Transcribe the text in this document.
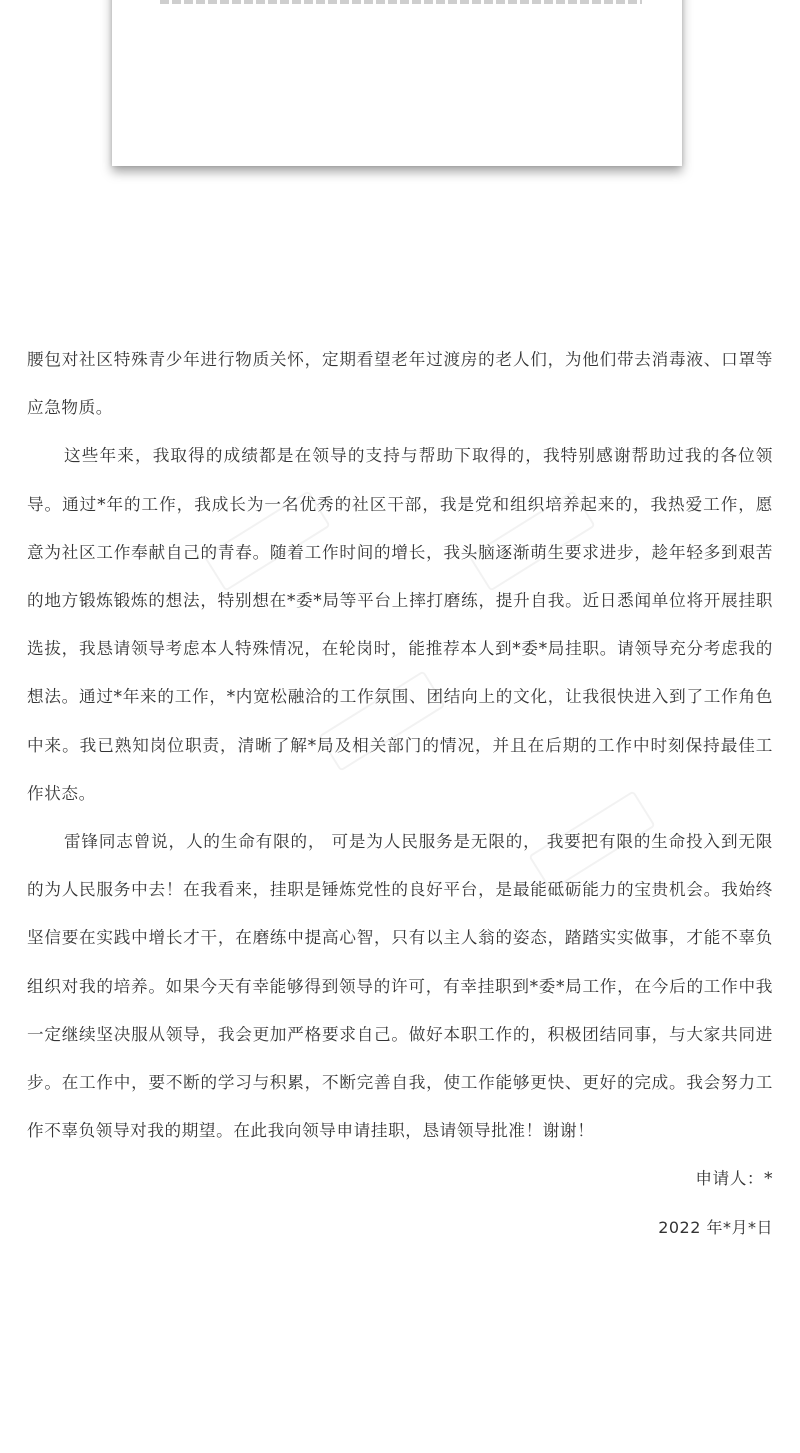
腰包对社区特殊青少年进行物质关怀，定期看望老年过渡房的老人们，为他们带去消毒液、口罩等应急物质。

这些年来，我取得的成绩都是在领导的支持与帮助下取得的，我特别感谢帮助过我的各位领导。通过*年的工作，我成长为一名优秀的社区干部，我是党和组织培养起来的，我热爱工作，愿意为社区工作奉献自己的青春。随着工作时间的增长，我头脑逐渐萌生要求进步，趁年轻多到艰苦的地方锻炼锻炼的想法，特别想在*委*局等平台上摔打磨练，提升自我。近日悉闻单位将开展挂职选拔，我恳请领导考虑本人特殊情况，在轮岗时，能推荐本人到*委*局挂职。请领导充分考虑我的想法。通过*年来的工作，*内宽松融洽的工作氛围、团结向上的文化，让我很快进入到了工作角色中来。我已熟知岗位职责，清晰了解*局及相关部门的情况，并且在后期的工作中时刻保持最佳工作状态。

雷锋同志曾说，人的生命有限的， 可是为人民服务是无限的， 我要把有限的生命投入到无限的为人民服务中去！在我看来，挂职是锤炼党性的良好平台，是最能砥砺能力的宝贵机会。我始终坚信要在实践中增长才干，在磨练中提高心智，只有以主人翁的姿态，踏踏实实做事，才能不辜负组织对我的培养。如果今天有幸能够得到领导的许可，有幸挂职到*委*局工作，在今后的工作中我一定继续坚决服从领导，我会更加严格要求自己。做好本职工作的，积极团结同事，与大家共同进步。在工作中，要不断的学习与积累，不断完善自我，使工作能够更快、更好的完成。我会努力工作不辜负领导对我的期望。在此我向领导申请挂职，恳请领导批准！谢谢！

申请人：*

2022 年*月*日
